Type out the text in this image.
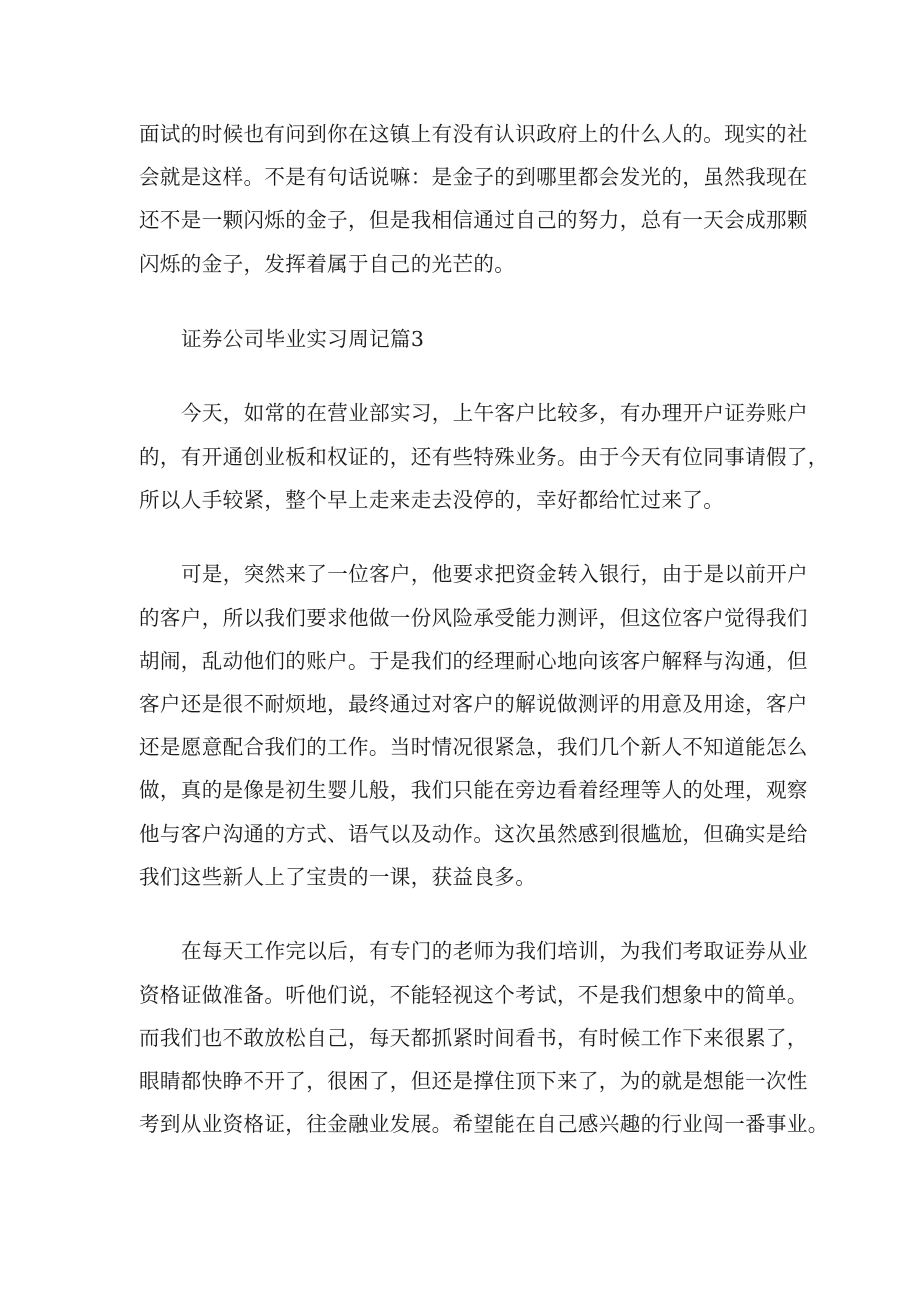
面试的时候也有问到你在这镇上有没有认识政府上的什么人的。现实的社
会就是这样。不是有句话说嘛：是金子的到哪里都会发光的，虽然我现在
还不是一颗闪烁的金子，但是我相信通过自己的努力，总有一天会成那颗
闪烁的金子，发挥着属于自己的光芒的。
证券公司毕业实习周记篇3
今天，如常的在营业部实习，上午客户比较多，有办理开户证券账户
的，有开通创业板和权证的，还有些特殊业务。由于今天有位同事请假了，
所以人手较紧，整个早上走来走去没停的，幸好都给忙过来了。
可是，突然来了一位客户，他要求把资金转入银行，由于是以前开户
的客户，所以我们要求他做一份风险承受能力测评，但这位客户觉得我们
胡闹，乱动他们的账户。于是我们的经理耐心地向该客户解释与沟通，但
客户还是很不耐烦地，最终通过对客户的解说做测评的用意及用途，客户
还是愿意配合我们的工作。当时情况很紧急，我们几个新人不知道能怎么
做，真的是像是初生婴儿般，我们只能在旁边看着经理等人的处理，观察
他与客户沟通的方式、语气以及动作。这次虽然感到很尴尬，但确实是给
我们这些新人上了宝贵的一课，获益良多。
在每天工作完以后，有专门的老师为我们培训，为我们考取证券从业
资格证做准备。听他们说，不能轻视这个考试，不是我们想象中的简单。
而我们也不敢放松自己，每天都抓紧时间看书，有时候工作下来很累了，
眼睛都快睁不开了，很困了，但还是撑住顶下来了，为的就是想能一次性
考到从业资格证，往金融业发展。希望能在自己感兴趣的行业闯一番事业。
